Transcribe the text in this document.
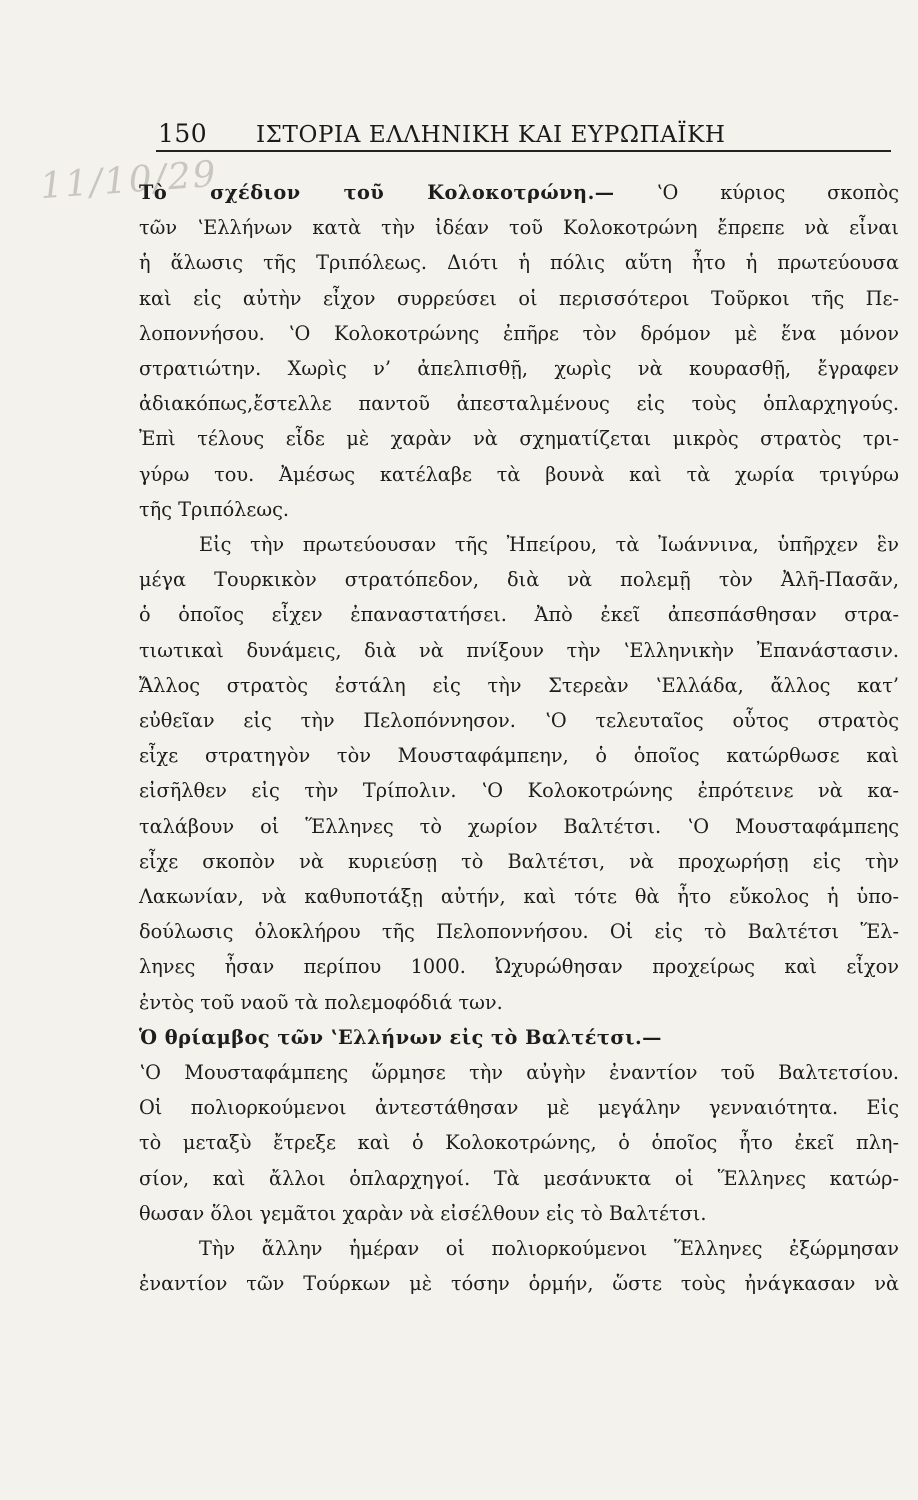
150 ΙΣΤΟΡΙΑ ΕΛΛΗΝΙΚΗ ΚΑΙ ΕΥΡΩΠΑΪΚΗ
11/10/29

Τὸ σχέδιον τοῦ Κολοκοτρώνη.— ʽΟ κύριος σκοπὸς

τῶν ʽΕλλήνων κατὰ τὴν ἰδέαν τοῦ Κολοκοτρώνη ἔπρεπε νὰ εἶναι

ἡ ἅλωσις τῆς Τριπόλεως. Διότι ἡ πόλις αὕτη ἦτο ἡ πρωτεύουσα

καὶ εἰς αὐτὴν εἶχον συρρεύσει οἱ περισσότεροι Τοῦρκοι τῆς Πε-

λοποννήσου. ʽΟ Κολοκοτρώνης ἐπῆρε τὸν δρόμον μὲ ἕνα μόνον

στρατιώτην. Χωρὶς ν’ ἀπελπισθῇ, χωρὶς νὰ κουρασθῇ, ἔγραφεν

ἀδιακόπως,ἔστελλε παντοῦ ἀπεσταλμένους εἰς τοὺς ὁπλαρχηγούς.

Ἐπὶ τέλους εἶδε μὲ χαρὰν νὰ σχηματίζεται μικρὸς στρατὸς τρι-

γύρω του. Ἀμέσως κατέλαβε τὰ βουνὰ καὶ τὰ χωρία τριγύρω

τῆς Τριπόλεως.

Εἰς τὴν πρωτεύουσαν τῆς Ἠπείρου, τὰ Ἰωάννινα, ὑπῆρχεν ἓν

μέγα Τουρκικὸν στρατόπεδον, διὰ νὰ πολεμῇ τὸν Ἀλῆ-Πασᾶν,

ὁ ὁποῖος εἶχεν ἐπαναστατήσει. Ἀπὸ ἐκεῖ ἀπεσπάσθησαν στρα-

τιωτικαὶ δυνάμεις, διὰ νὰ πνίξουν τὴν ʽΕλληνικὴν Ἐπανάστασιν.

Ἄλλος στρατὸς ἐστάλη εἰς τὴν Στερεὰν ʽΕλλάδα, ἄλλος κατ’

εὐθεῖαν εἰς τὴν Πελοπόννησον. ʽΟ τελευταῖος οὗτος στρατὸς

εἶχε στρατηγὸν τὸν Μουσταφάμπεην, ὁ ὁποῖος κατώρθωσε καὶ

εἰσῆλθεν εἰς τὴν Τρίπολιν. ʽΟ Κολοκοτρώνης ἐπρότεινε νὰ κα-

ταλάβουν οἱ Ἕλληνες τὸ χωρίον Βαλτέτσι. ʽΟ Μουσταφάμπεης

εἶχε σκοπὸν νὰ κυριεύσῃ τὸ Βαλτέτσι, νὰ προχωρήσῃ εἰς τὴν

Λακωνίαν, νὰ καθυποτάξῃ αὐτήν, καὶ τότε θὰ ἦτο εὔκολος ἡ ὑπο-

δούλωσις ὁλοκλήρου τῆς Πελοποννήσου. Οἱ εἰς τὸ Βαλτέτσι Ἕλ-

ληνες ἦσαν περίπου 1000. Ὠχυρώθησαν προχείρως καὶ εἶχον

ἐντὸς τοῦ ναοῦ τὰ πολεμοφόδιά των.

Ὁ θρίαμβος τῶν ʽΕλλήνων εἰς τὸ Βαλτέτσι.—

ʽΟ Μουσταφάμπεης ὥρμησε τὴν αὐγὴν ἐναντίον τοῦ Βαλτετσίου.

Οἱ πολιορκούμενοι ἀντεστάθησαν μὲ μεγάλην γενναιότητα. Εἰς

τὸ μεταξὺ ἔτρεξε καὶ ὁ Κολοκοτρώνης, ὁ ὁποῖος ἦτο ἐκεῖ πλη-

σίον, καὶ ἄλλοι ὁπλαρχηγοί. Τὰ μεσάνυκτα οἱ Ἕλληνες κατώρ-

θωσαν ὅλοι γεμᾶτοι χαρὰν νὰ εἰσέλθουν εἰς τὸ Βαλτέτσι.

Τὴν ἄλλην ἡμέραν οἱ πολιορκούμενοι Ἕλληνες ἐξώρμησαν

ἐναντίον τῶν Τούρκων μὲ τόσην ὁρμήν, ὥστε τοὺς ἠνάγκασαν νὰ
